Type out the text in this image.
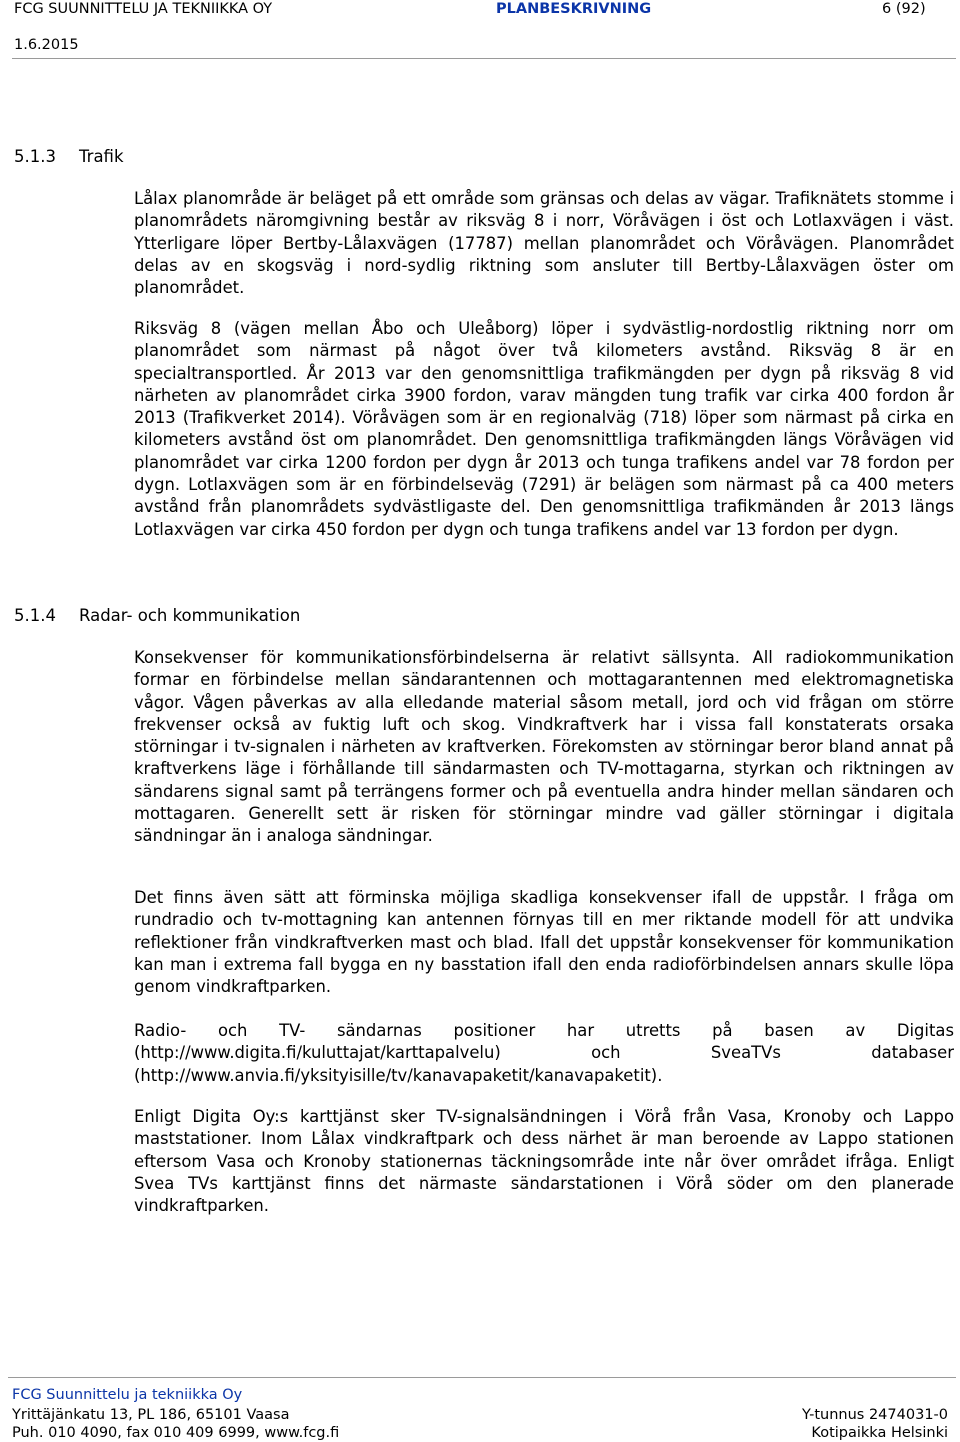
FCG SUUNNITTELU JA TEKNIIKKA OY	PLANBESKRIVNING	6 (92)
1.6.2015
5.1.3 Trafik

Lålax planområde är beläget på ett område som gränsas och delas av vägar. Trafiknätets stomme i planområdets näromgivning består av riksväg 8 i norr, Vöråvägen i öst och Lotlaxvägen i väst. Ytterligare löper Bertby-Lålaxvägen (17787) mellan planområdet och Vöråvägen. Planområdet delas av en skogsväg i nord-sydlig riktning som ansluter till Bertby-Lålaxvägen öster om planområdet.

Riksväg 8 (vägen mellan Åbo och Uleåborg) löper i sydvästlig-nordostlig riktning norr om planområdet som närmast på något över två kilometers avstånd. Riksväg 8 är en specialtransportled. År 2013 var den genomsnittliga trafikmängden per dygn på riksväg 8 vid närheten av planområdet cirka 3900 fordon, varav mängden tung trafik var cirka 400 fordon år 2013 (Trafikverket 2014). Vöråvägen som är en regionalväg (718) löper som närmast på cirka en kilometers avstånd öst om planområdet. Den genomsnittliga trafikmängden längs Vöråvägen vid planområdet var cirka 1200 fordon per dygn år 2013 och tunga trafikens andel var 78 fordon per dygn. Lotlaxvägen som är en förbindelseväg (7291) är belägen som närmast på ca 400 meters avstånd från planområdets sydvästligaste del. Den genomsnittliga trafikmänden år 2013 längs Lotlaxvägen var cirka 450 fordon per dygn och tunga trafikens andel var 13 fordon per dygn.

5.1.4 Radar- och kommunikation

Konsekvenser för kommunikationsförbindelserna är relativt sällsynta. All radiokommunikation formar en förbindelse mellan sändarantennen och mottagarantennen med elektromagnetiska vågor. Vågen påverkas av alla elledande material såsom metall, jord och vid frågan om större frekvenser också av fuktig luft och skog. Vindkraftverk har i vissa fall konstaterats orsaka störningar i tv-signalen i närheten av kraftverken. Förekomsten av störningar beror bland annat på kraftverkens läge i förhållande till sändarmasten och TV-mottagarna, styrkan och riktningen av sändarens signal samt på terrängens former och på eventuella andra hinder mellan sändaren och mottagaren. Generellt sett är risken för störningar mindre vad gäller störningar i digitala sändningar än i analoga sändningar.

Det finns även sätt att förminska möjliga skadliga konsekvenser ifall de uppstår. I fråga om rundradio och tv-mottagning kan antennen förnyas till en mer riktande modell för att undvika reflektioner från vindkraftverken mast och blad. Ifall det uppstår konsekvenser för kommunikation kan man i extrema fall bygga en ny basstation ifall den enda radioförbindelsen annars skulle löpa genom vindkraftparken.

Radio- och TV- sändarnas positioner har utretts på basen av Digitas (http://www.digita.fi/kuluttajat/karttapalvelu) och SveaTVs databaser (http://www.anvia.fi/yksityisille/tv/kanavapaketit/kanavapaketit).

Enligt Digita Oy:s karttjänst sker TV-signalsändningen i Vörå från Vasa, Kronoby och Lappo maststationer. Inom Lålax vindkraftpark och dess närhet är man beroende av Lappo stationen eftersom Vasa och Kronoby stationernas täckningsområde inte når över området ifråga. Enligt Svea TVs karttjänst finns det närmaste sändarstationen i Vörå söder om den planerade vindkraftparken.

FCG Suunnittelu ja tekniikka Oy
Yrittäjänkatu 13, PL 186, 65101 Vaasa
Puh. 010 4090, fax 010 409 6999, www.fcg.fi
Y-tunnus 2474031-0
Kotipaikka Helsinki
